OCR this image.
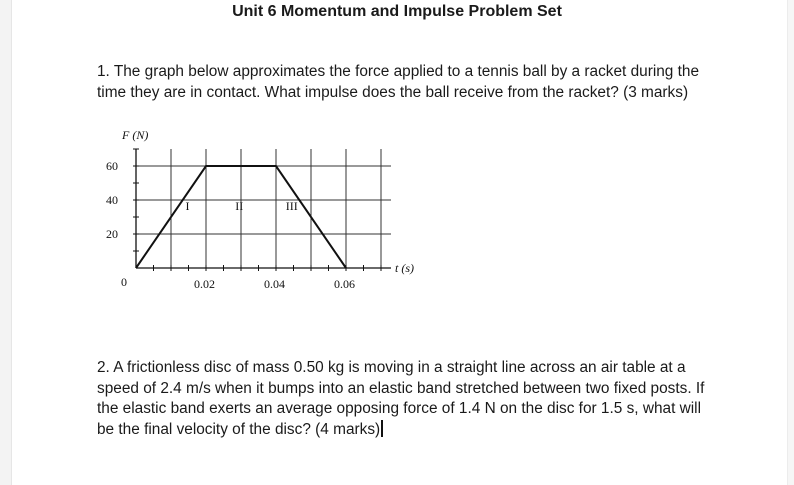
Unit 6 Momentum and Impulse Problem Set

1. The graph below approximates the force applied to a tennis ball by a racket during the time they are in contact. What impulse does the ball receive from the racket? (3 marks)

F (N)
t (s)
0
60
40
20
0.02	0.04	0.06
I	II	III

2. A frictionless disc of mass 0.50 kg is moving in a straight line across an air table at a speed of 2.4 m/s when it bumps into an elastic band stretched between two fixed posts. If the elastic band exerts an average opposing force of 1.4 N on the disc for 1.5 s, what will be the final velocity of the disc? (4 marks)
